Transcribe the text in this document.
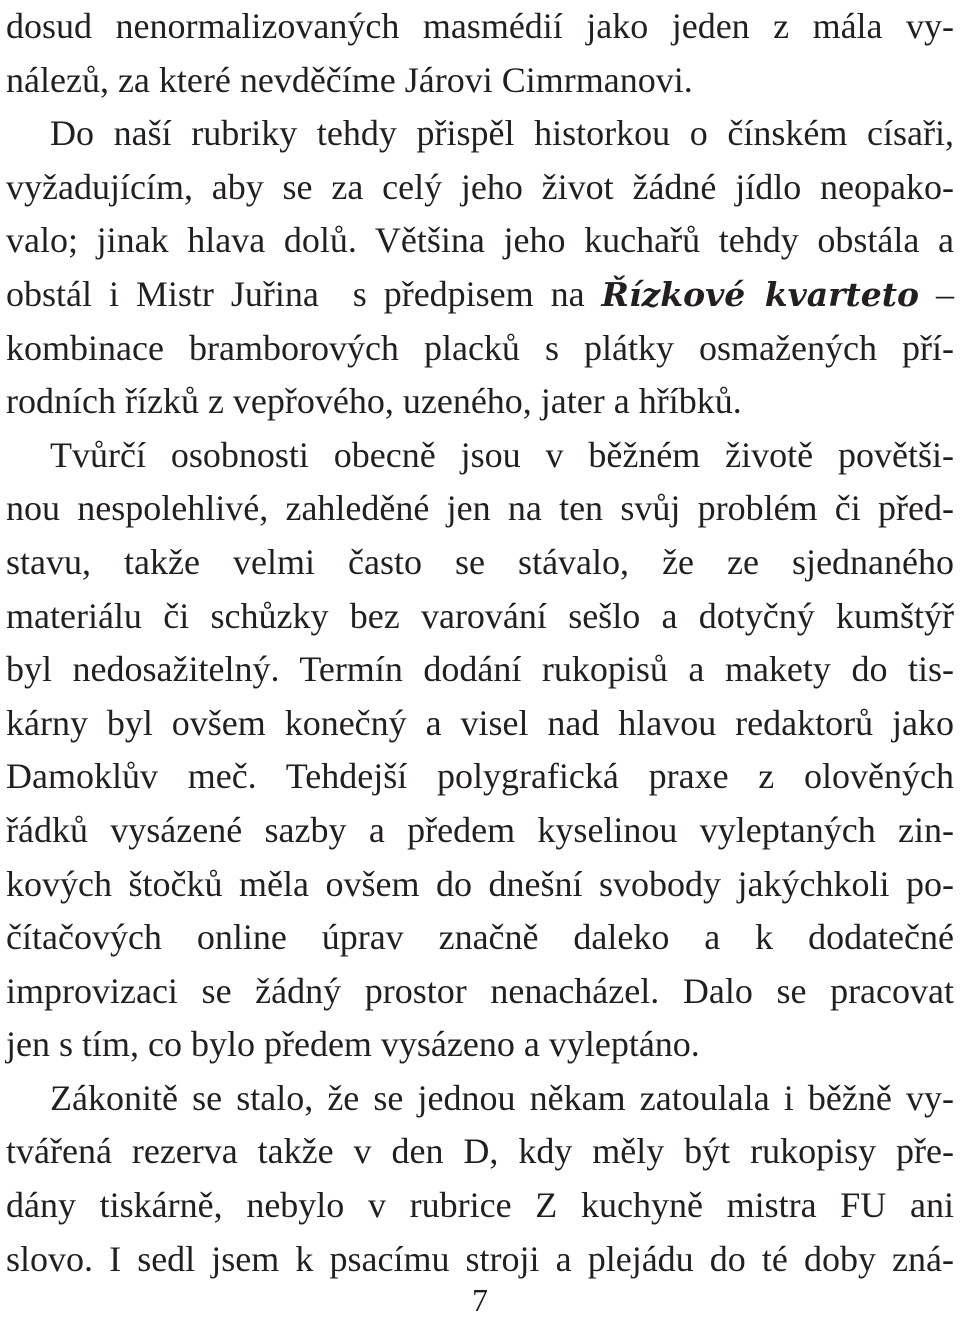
dosud nenormalizovaných masmédií jako jeden z mála vy-
nálezů, za které nevděčíme Járovi Cimrmanovi.
Do naší rubriky tehdy přispěl historkou o čínském císaři,
vyžadujícím, aby se za celý jeho život žádné jídlo neopako-
valo; jinak hlava dolů. Většina jeho kuchařů tehdy obstála a
obstál i Mistr Juřina  s předpisem na Řízkové kvarteto –
kombinace bramborových placků s plátky osmažených pří-
rodních řízků z vepřového, uzeného, jater a hříbků.
Tvůrčí osobnosti obecně jsou v běžném životě povětši-
nou nespolehlivé, zahleděné jen na ten svůj problém či před-
stavu, takže velmi často se stávalo, že ze sjednaného
materiálu či schůzky bez varování sešlo a dotyčný kumštýř
byl nedosažitelný. Termín dodání rukopisů a makety do tis-
kárny byl ovšem konečný a visel nad hlavou redaktorů jako
Damoklův meč. Tehdejší polygrafická praxe z olověných
řádků vysázené sazby a předem kyselinou vyleptaných zin-
kových štočků měla ovšem do dnešní svobody jakýchkoli po-
čítačových online úprav značně daleko a k dodatečné
improvizaci se žádný prostor nenacházel. Dalo se pracovat
jen s tím, co bylo předem vysázeno a vyleptáno.
Zákonitě se stalo, že se jednou někam zatoulala i běžně vy-
tvářená rezerva takže v den D, kdy měly být rukopisy pře-
dány tiskárně, nebylo v rubrice Z kuchyně mistra FU ani
slovo. I sedl jsem k psacímu stroji a plejádu do té doby zná-
7
